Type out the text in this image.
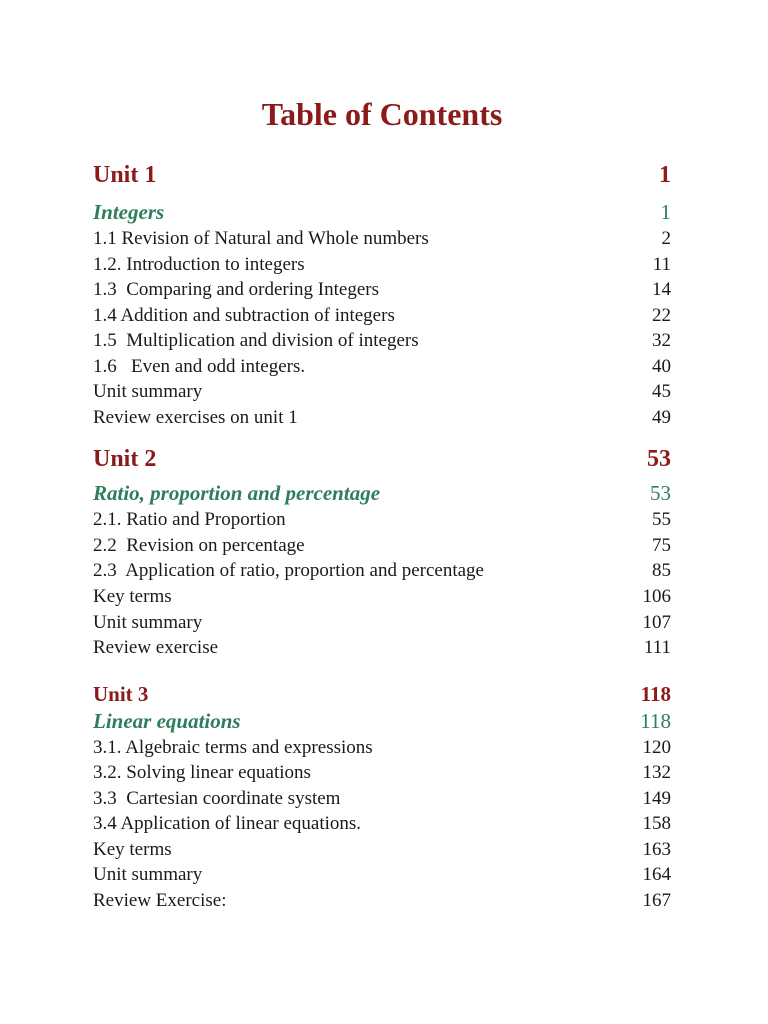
Table of Contents
Unit 1	1
Integers	1
1.1 Revision of Natural and Whole numbers	2
1.2. Introduction to integers	11
1.3  Comparing and ordering Integers	14
1.4 Addition and subtraction of integers	22
1.5  Multiplication and division of integers	32
1.6   Even and odd integers.	40
Unit summary	45
Review exercises on unit 1	49
Unit 2	53
Ratio, proportion and percentage	53
2.1. Ratio and Proportion	55
2.2  Revision on percentage	75
2.3  Application of ratio, proportion and percentage	85
Key terms	106
Unit summary	107
Review exercise	111
Unit 3	118
Linear equations	118
3.1. Algebraic terms and expressions	120
3.2. Solving linear equations	132
3.3  Cartesian coordinate system	149
3.4 Application of linear equations.	158
Key terms	163
Unit summary	164
Review Exercise:	167
